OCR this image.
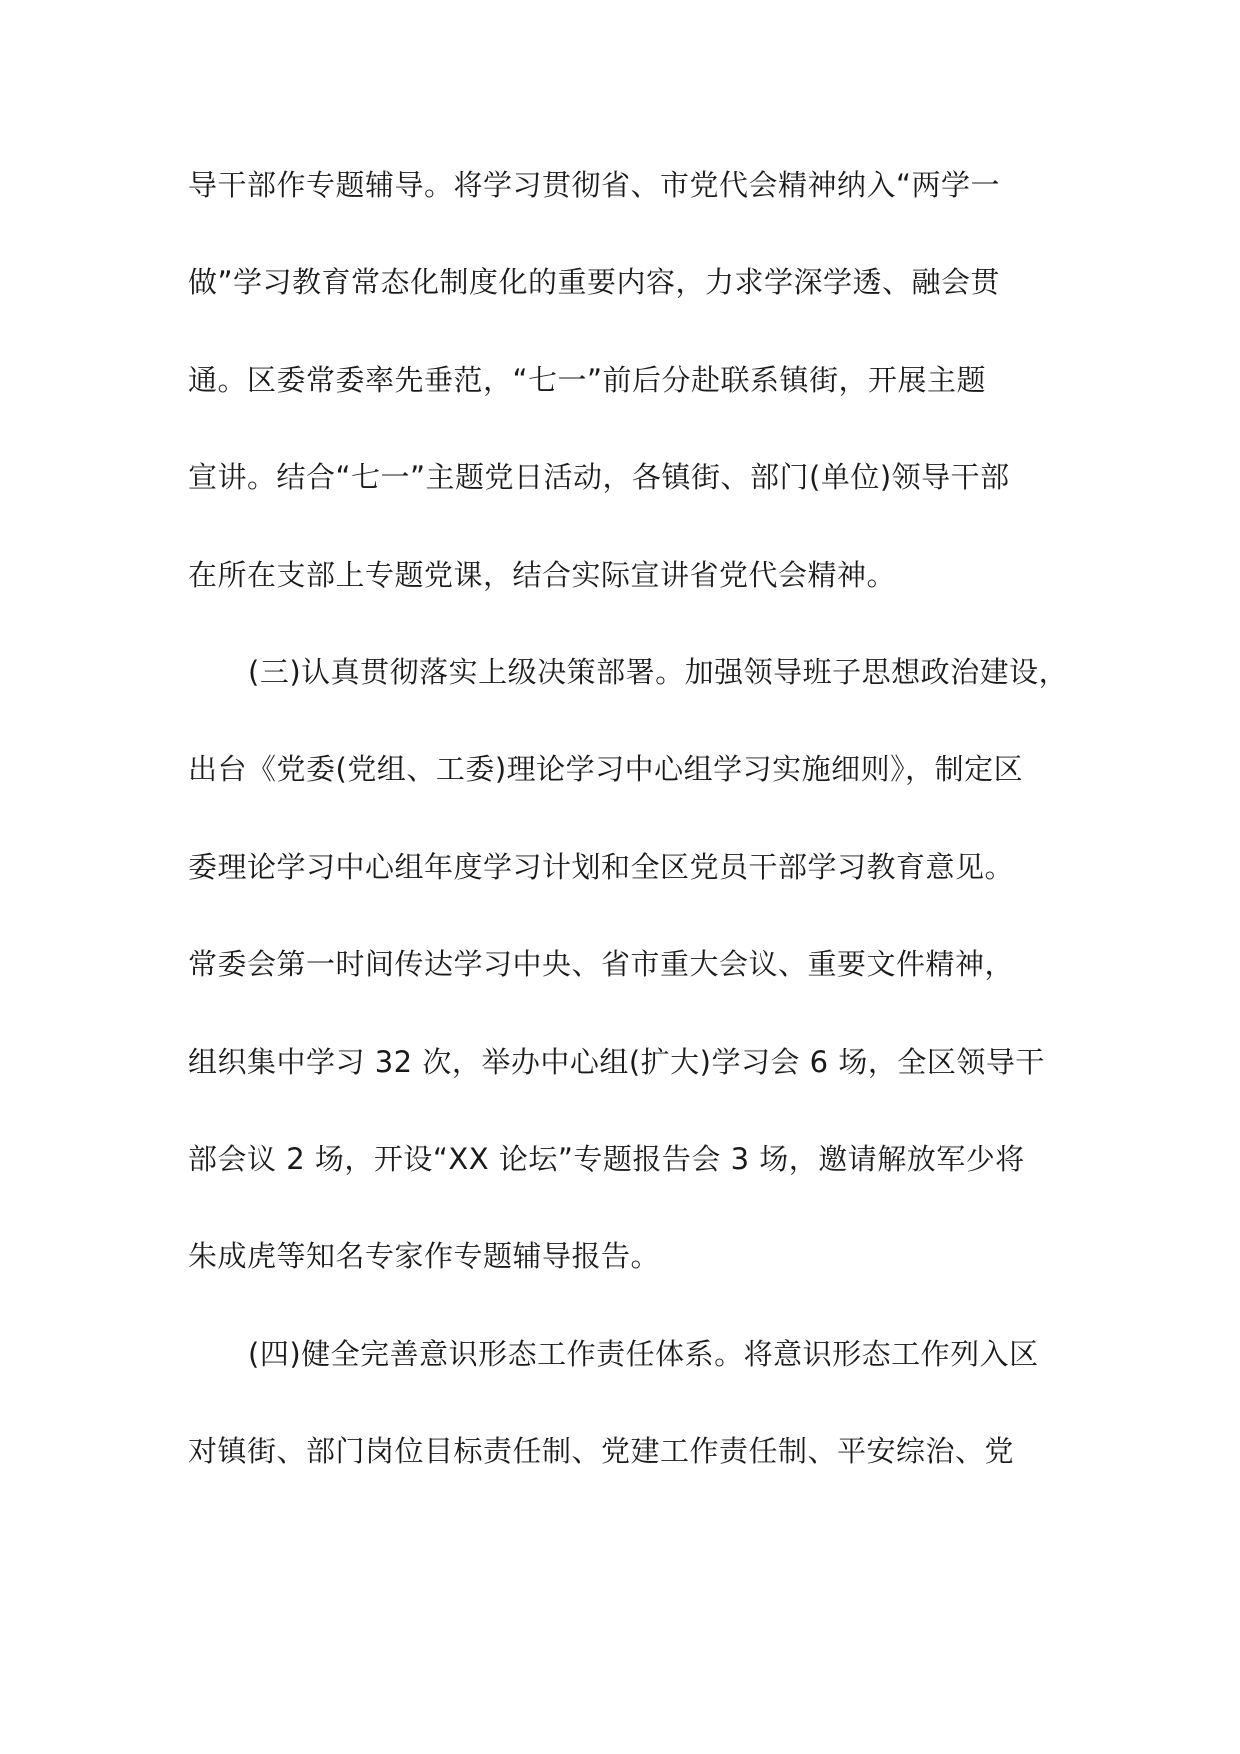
导干部作专题辅导。将学习贯彻省、市党代会精神纳入“两学一
做”学习教育常态化制度化的重要内容，力求学深学透、融会贯
通。区委常委率先垂范，“七一”前后分赴联系镇街，开展主题
宣讲。结合“七一”主题党日活动，各镇街、部门(单位)领导干部
在所在支部上专题党课，结合实际宣讲省党代会精神。
(三)认真贯彻落实上级决策部署。加强领导班子思想政治建设，
出台《党委(党组、工委)理论学习中心组学习实施细则》，制定区
委理论学习中心组年度学习计划和全区党员干部学习教育意见。
常委会第一时间传达学习中央、省市重大会议、重要文件精神，
组织集中学习 32 次，举办中心组(扩大)学习会 6 场，全区领导干
部会议 2 场，开设“XX 论坛”专题报告会 3 场，邀请解放军少将
朱成虎等知名专家作专题辅导报告。
(四)健全完善意识形态工作责任体系。将意识形态工作列入区
对镇街、部门岗位目标责任制、党建工作责任制、平安综治、党
